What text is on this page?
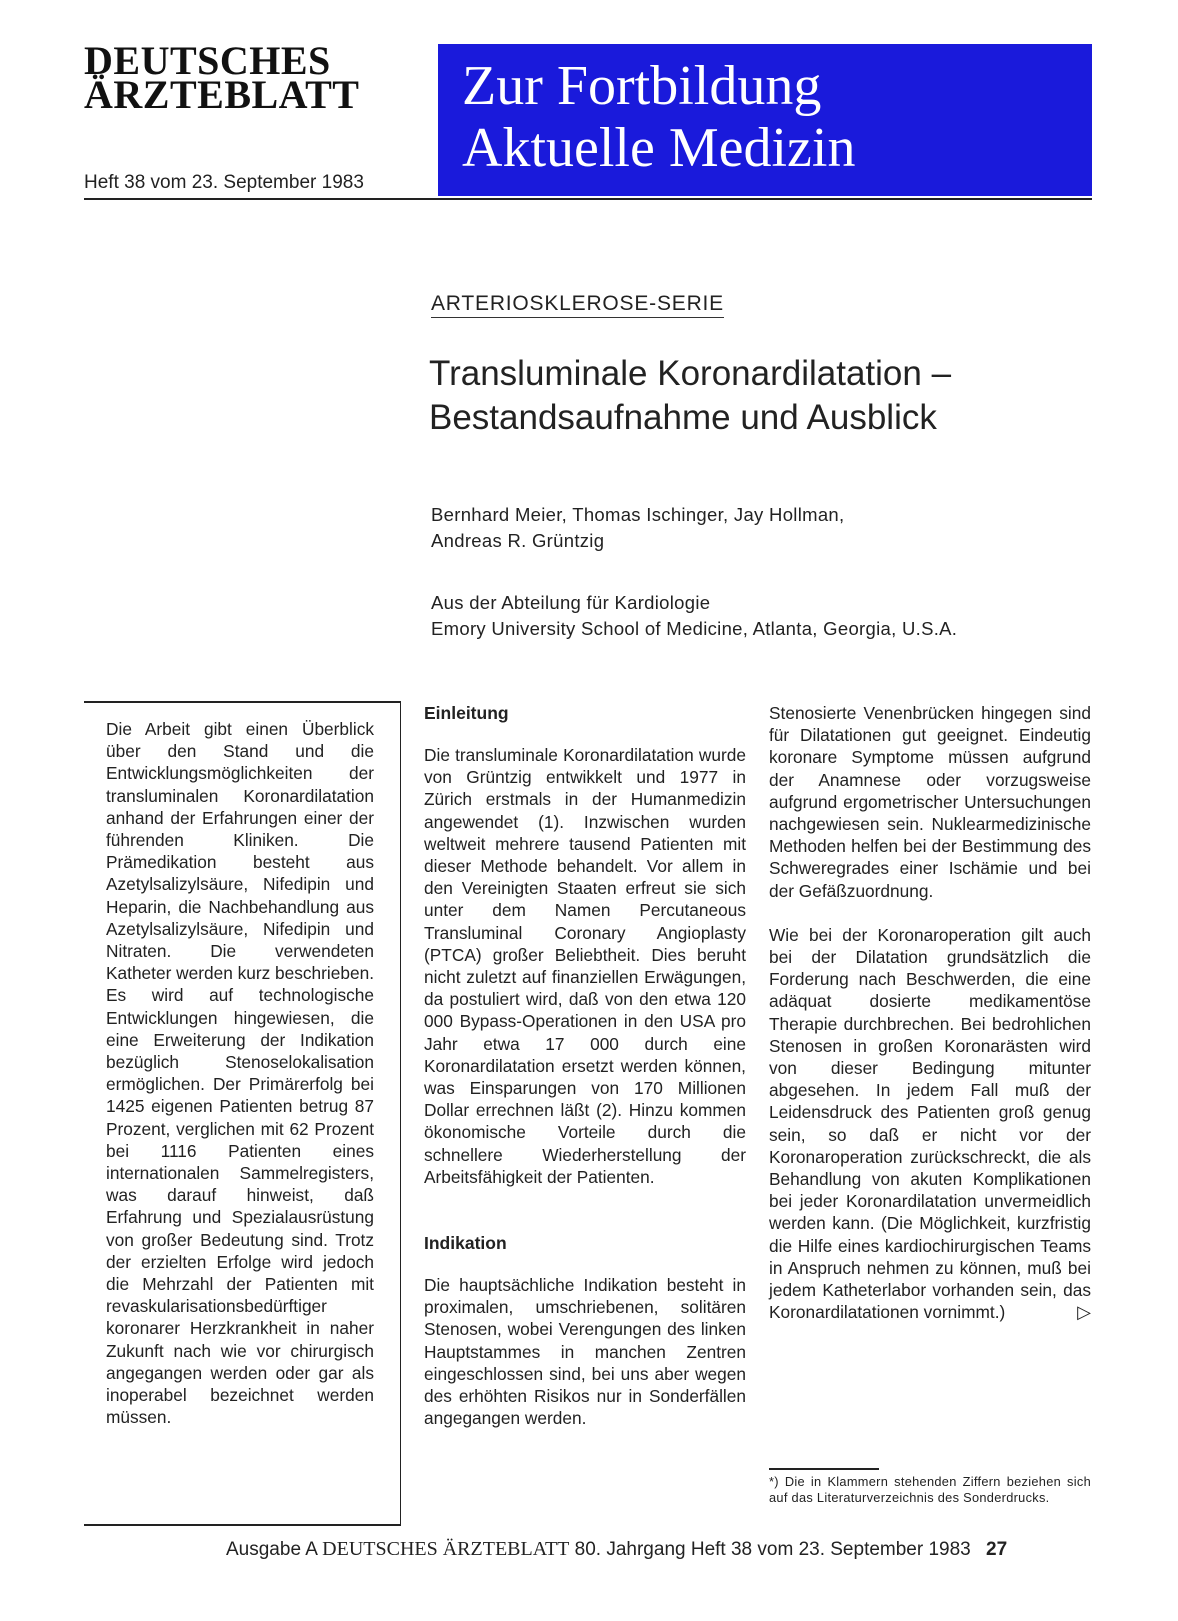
DEUTSCHES
ÄRZTEBLATT
Heft 38 vom 23. September 1983
Zur Fortbildung
Aktuelle Medizin
ARTERIOSKLEROSE-SERIE
Transluminale Koronardilatation –
Bestandsaufnahme und Ausblick
Bernhard Meier, Thomas Ischinger, Jay Hollman,
Andreas R. Grüntzig
Aus der Abteilung für Kardiologie
Emory University School of Medicine, Atlanta, Georgia, U.S.A.
Die Arbeit gibt einen Überblick über den Stand und die Entwicklungsmöglichkeiten der transluminalen Koronardilatation anhand der Erfahrungen einer der führenden Kliniken. Die Prämedikation besteht aus Azetylsalizylsäure, Nifedipin und Heparin, die Nachbehandlung aus Azetylsalizylsäure, Nifedipin und Nitraten. Die verwendeten Katheter werden kurz beschrieben. Es wird auf technologische Entwicklungen hingewiesen, die eine Erweiterung der Indikation bezüglich Stenoselokalisation ermöglichen. Der Primärerfolg bei 1425 eigenen Patienten betrug 87 Prozent, verglichen mit 62 Prozent bei 1116 Patienten eines internationalen Sammelregisters, was darauf hinweist, daß Erfahrung und Spezialausrüstung von großer Bedeutung sind. Trotz der erzielten Erfolge wird jedoch die Mehrzahl der Patienten mit revaskularisationsbedürftiger koronarer Herzkrankheit in naher Zukunft nach wie vor chirurgisch angegangen werden oder gar als inoperabel bezeichnet werden müssen.
Einleitung

Die transluminale Koronardilatation wurde von Grüntzig entwikkelt und 1977 in Zürich erstmals in der Humanmedizin angewendet (1). Inzwischen wurden weltweit mehrere tausend Patienten mit dieser Methode behandelt. Vor allem in den Vereinigten Staaten erfreut sie sich unter dem Namen Percutaneous Transluminal Coronary Angioplasty (PTCA) großer Beliebtheit. Dies beruht nicht zuletzt auf finanziellen Erwägungen, da postuliert wird, daß von den etwa 120 000 Bypass-Operationen in den USA pro Jahr etwa 17 000 durch eine Koronardilatation ersetzt werden können, was Einsparungen von 170 Millionen Dollar errechnen läßt (2). Hinzu kommen ökonomische Vorteile durch die schnellere Wiederherstellung der Arbeitsfähigkeit der Patienten.

Indikation

Die hauptsächliche Indikation besteht in proximalen, umschriebenen, solitären Stenosen, wobei Verengungen des linken Hauptstammes in manchen Zentren eingeschlossen sind, bei uns aber wegen des erhöhten Risikos nur in Sonderfällen angegangen werden.

Stenosierte Venenbrücken hingegen sind für Dilatationen gut geeignet. Eindeutig koronare Symptome müssen aufgrund der Anamnese oder vorzugsweise aufgrund ergometrischer Untersuchungen nachgewiesen sein. Nuklearmedizinische Methoden helfen bei der Bestimmung des Schweregrades einer Ischämie und bei der Gefäßzuordnung.

Wie bei der Koronaroperation gilt auch bei der Dilatation grundsätzlich die Forderung nach Beschwerden, die eine adäquat dosierte medikamentöse Therapie durchbrechen. Bei bedrohlichen Stenosen in großen Koronarästen wird von dieser Bedingung mitunter abgesehen. In jedem Fall muß der Leidensdruck des Patienten groß genug sein, so daß er nicht vor der Koronaroperation zurückschreckt, die als Behandlung von akuten Komplikationen bei jeder Koronardilatation unvermeidlich werden kann. (Die Möglichkeit, kurzfristig die Hilfe eines kardiochirurgischen Teams in Anspruch nehmen zu können, muß bei jedem Katheterlabor vorhanden sein, das Koronardilatationen vornimmt.)	▷

*) Die in Klammern stehenden Ziffern beziehen sich auf das Literaturverzeichnis des Sonderdrucks.
Ausgabe A DEUTSCHES ÄRZTEBLATT 80. Jahrgang Heft 38 vom 23. September 1983 27
